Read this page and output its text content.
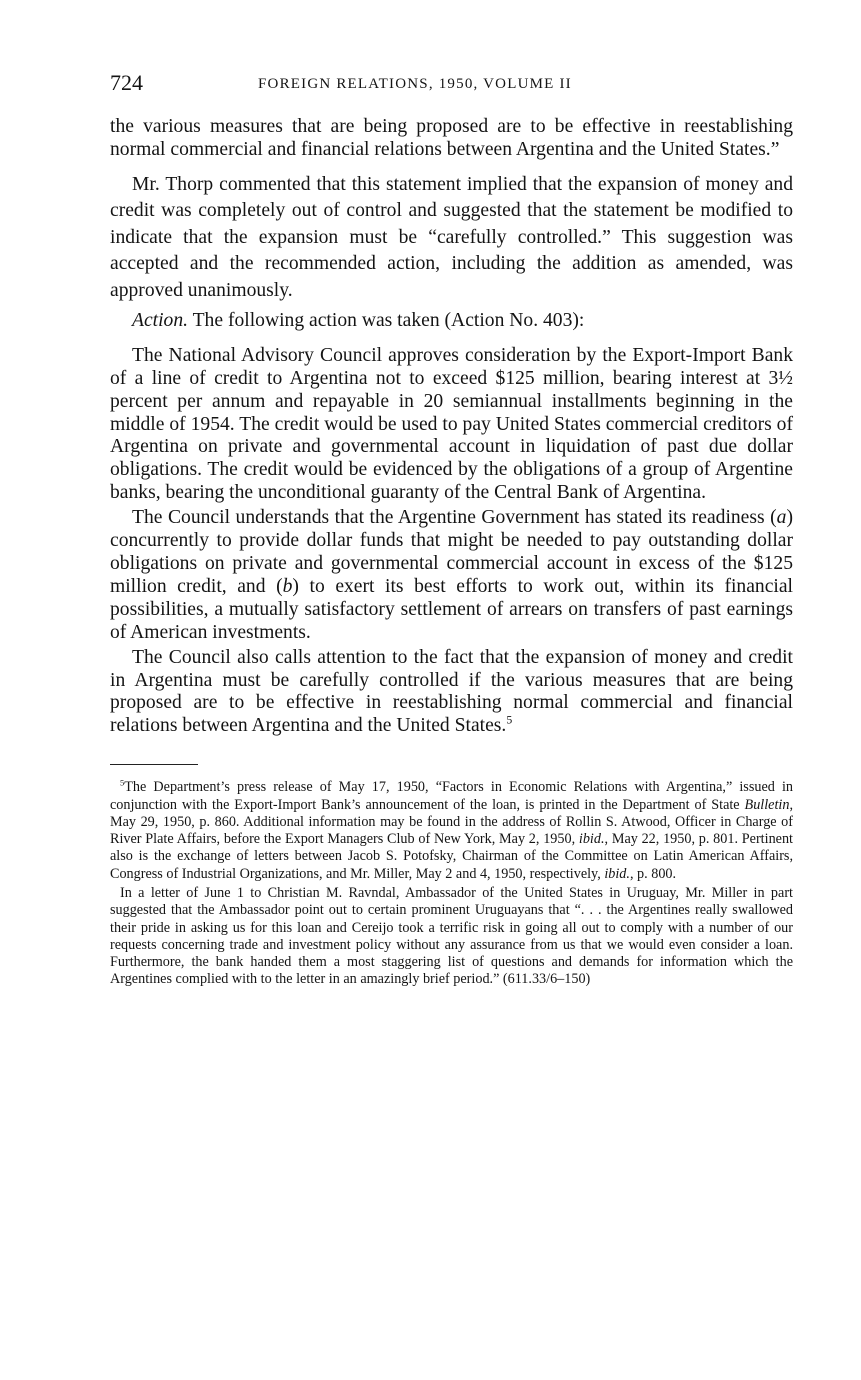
724	FOREIGN RELATIONS, 1950, VOLUME II

the various measures that are being proposed are to be effective in reestablishing normal commercial and financial relations between Argentina and the United States.”

Mr. Thorp commented that this statement implied that the expansion of money and credit was completely out of control and suggested that the statement be modified to indicate that the expansion must be “carefully controlled.” This suggestion was accepted and the recommended action, including the addition as amended, was approved unanimously.

Action. The following action was taken (Action No. 403):

The National Advisory Council approves consideration by the Export-Import Bank of a line of credit to Argentina not to exceed $125 million, bearing interest at 3½ percent per annum and repayable in 20 semiannual installments beginning in the middle of 1954. The credit would be used to pay United States commercial creditors of Argentina on private and governmental account in liquidation of past due dollar obligations. The credit would be evidenced by the obligations of a group of Argentine banks, bearing the unconditional guaranty of the Central Bank of Argentina.

The Council understands that the Argentine Government has stated its readiness (a) concurrently to provide dollar funds that might be needed to pay outstanding dollar obligations on private and governmental commercial account in excess of the $125 million credit, and (b) to exert its best efforts to work out, within its financial possibilities, a mutually satisfactory settlement of arrears on transfers of past earnings of American investments.

The Council also calls attention to the fact that the expansion of money and credit in Argentina must be carefully controlled if the various measures that are being proposed are to be effective in reestablishing normal commercial and financial relations between Argentina and the United States.$^5$

$^5$The Department’s press release of May 17, 1950, “Factors in Economic Relations with Argentina,” issued in conjunction with the Export-Import Bank’s announcement of the loan, is printed in the Department of State Bulletin, May 29, 1950, p. 860. Additional information may be found in the address of Rollin S. Atwood, Officer in Charge of River Plate Affairs, before the Export Managers Club of New York, May 2, 1950, ibid., May 22, 1950, p. 801. Pertinent also is the exchange of letters between Jacob S. Potofsky, Chairman of the Committee on Latin American Affairs, Congress of Industrial Organizations, and Mr. Miller, May 2 and 4, 1950, respectively, ibid., p. 800.

In a letter of June 1 to Christian M. Ravndal, Ambassador of the United States in Uruguay, Mr. Miller in part suggested that the Ambassador point out to certain prominent Uruguayans that “. . . the Argentines really swallowed their pride in asking us for this loan and Cereijo took a terrific risk in going all out to comply with a number of our requests concerning trade and investment policy without any assurance from us that we would even consider a loan. Furthermore, the bank handed them a most staggering list of questions and demands for information which the Argentines complied with to the letter in an amazingly brief period.” (611.33/6–150)
